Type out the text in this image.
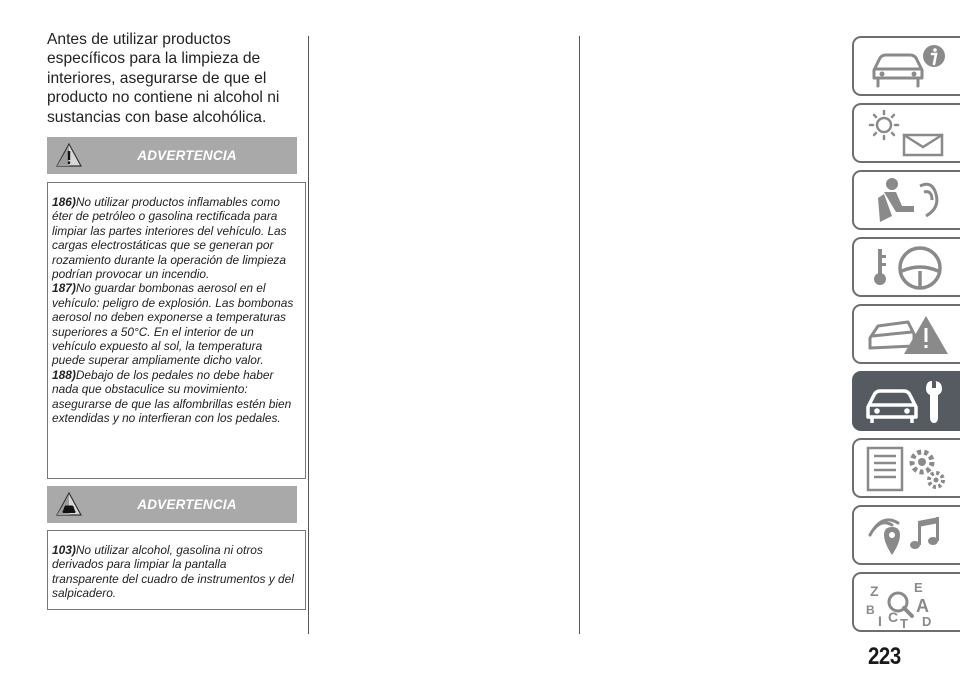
Antes de utilizar productos específicos para la limpieza de interiores, asegurarse de que el producto no contiene ni alcohol ni sustancias con base alcohólica.

ADVERTENCIA

186)No utilizar productos inflamables como éter de petróleo o gasolina rectificada para limpiar las partes interiores del vehículo. Las cargas electrostáticas que se generan por rozamiento durante la operación de limpieza podrían provocar un incendio.

187)No guardar bombonas aerosol en el vehículo: peligro de explosión. Las bombonas aerosol no deben exponerse a temperaturas superiores a 50°C. En el interior de un vehículo expuesto al sol, la temperatura puede superar ampliamente dicho valor.

188)Debajo de los pedales no debe haber nada que obstaculice su movimiento: asegurarse de que las alfombrillas estén bien extendidas y no interfieran con los pedales.

ADVERTENCIA

103)No utilizar alcohol, gasolina ni otros derivados para limpiar la pantalla transparente del cuadro de instrumentos y del salpicadero.	Z	E
B A
C D
I T
223
